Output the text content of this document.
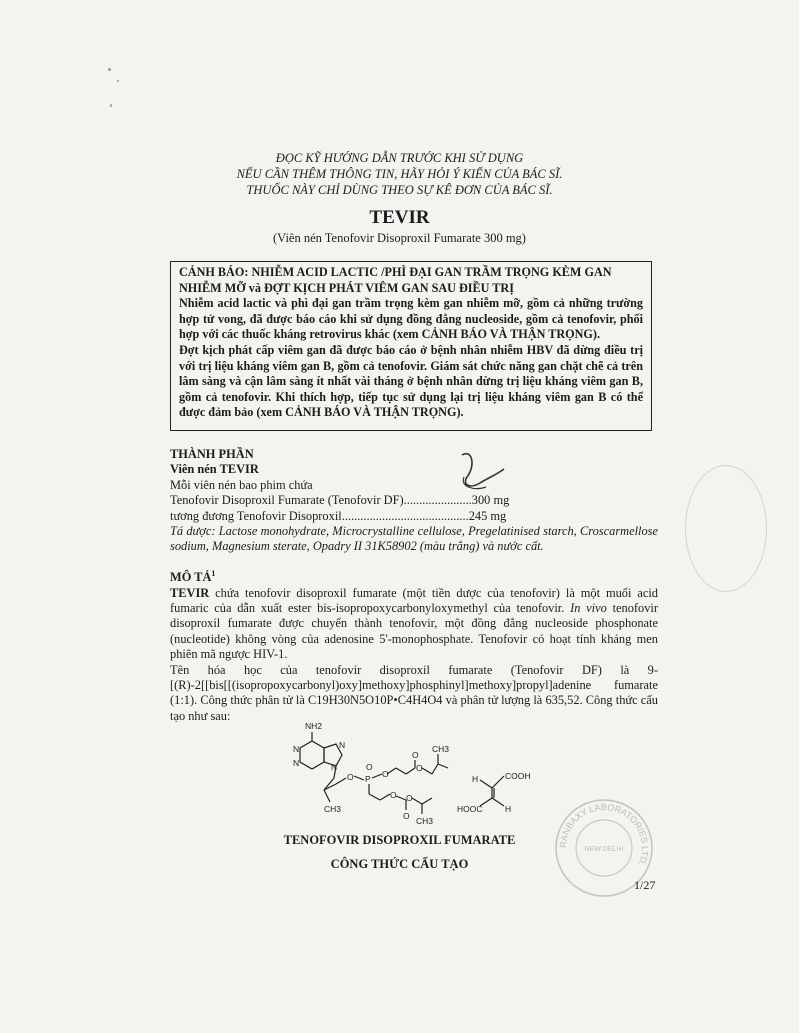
ĐỌC KỸ HƯỚNG DẪN TRƯỚC KHI SỬ DỤNG
NẾU CẦN THÊM THÔNG TIN, HÃY HỎI Ý KIẾN CỦA BÁC SĨ.
THUỐC NÀY CHỈ DÙNG THEO SỰ KÊ ĐƠN CỦA BÁC SĨ.
TEVIR
(Viên nén Tenofovir Disoproxil Fumarate 300 mg)

CẢNH BÁO: NHIỄM ACID LACTIC /PHÌ ĐẠI GAN TRẦM TRỌNG KÈM GAN NHIỄM MỠ và ĐỢT KỊCH PHÁT VIÊM GAN SAU ĐIỀU TRỊ

Nhiễm acid lactic và phì đại gan trầm trọng kèm gan nhiễm mỡ, gồm cả những trường hợp tử vong, đã được báo cáo khi sử dụng đồng đẳng nucleoside, gồm cả tenofovir, phối hợp với các thuốc kháng retrovirus khác (xem CẢNH BÁO VÀ THẬN TRỌNG).

Đợt kịch phát cấp viêm gan đã được báo cáo ở bệnh nhân nhiễm HBV đã dừng điều trị với trị liệu kháng viêm gan B, gồm cả tenofovir. Giám sát chức năng gan chặt chẽ cả trên lâm sàng và cận lâm sàng ít nhất vài tháng ở bệnh nhân dừng trị liệu kháng viêm gan B, gồm cả tenofovir. Khi thích hợp, tiếp tục sử dụng lại trị liệu kháng viêm gan B có thể được đảm bảo (xem CẢNH BÁO VÀ THẬN TRỌNG).

THÀNH PHẦN
Viên nén TEVIR
Mỗi viên nén bao phim chứa
Tenofovir Disoproxil Fumarate (Tenofovir DF)......................300 mg
tương đương Tenofovir Disoproxil.........................................245 mg
Tá dược: Lactose monohydrate, Microcrystalline cellulose, Pregelatinised starch, Croscarmellose sodium, Magnesium sterate, Opadry II 31K58902 (màu trắng) và nước cất.
MÔ TẢ$^1$
TEVIR chứa tenofovir disoproxil fumarate (một tiền dược của tenofovir) là một muối acid fumaric của dẫn xuất ester bis-isopropoxycarbonyloxymethyl của tenofovir. In vivo tenofovir disoproxil fumarate được chuyển thành tenofovir, một đồng đẳng nucleoside phosphonate (nucleotide) không vòng của adenosine 5'-monophosphate. Tenofovir có hoạt tính kháng men phiên mã ngược HIV-1.
Tên hóa học của tenofovir disoproxil fumarate (Tenofovir DF) là 9-[(R)-2[[bis[[(isopropoxycarbonyl)oxy]methoxy]phosphinyl]methoxy]propyl]adenine fumarate (1:1). Công thức phân tử là C19H30N5O10P•C4H4O4 và phân tử lượng là 635,52. Công thức cấu tạo như sau:
NH2
N
N
N
N
CH3
O P
O
O
O
O
CH3
O
O
O
CH3
H	COOH
HOOC	H
TENOFOVIR DISOPROXIL FUMARATE
CÔNG THỨC CẤU TẠO
RANBAXY LABORATORIES LTD.
NEW DELHI
1/27
